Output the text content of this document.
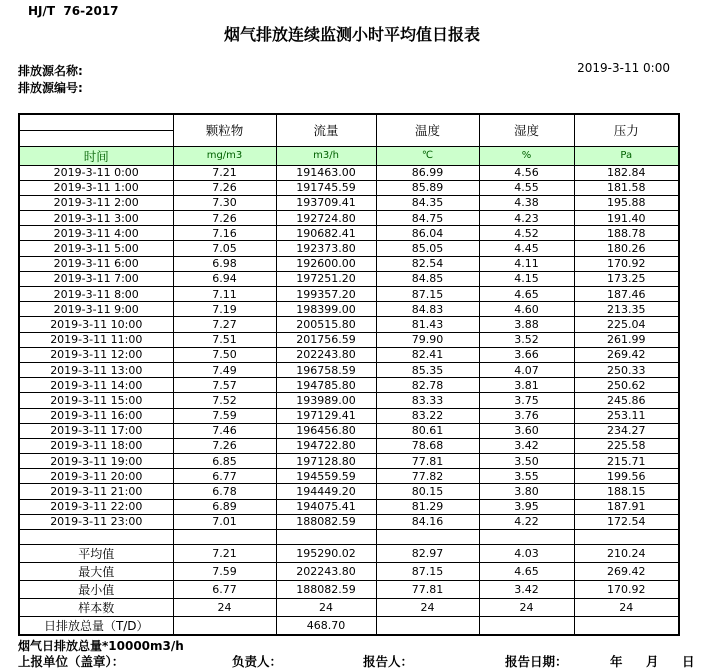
HJ/T  76-2017
烟气排放连续监测小时平均值日报表
排放源名称:
排放源编号:
2019-3-11 0:00
	颗粒物	流量	温度	湿度	压力

时间	mg/m3	m3/h	℃	%	Pa
2019-3-11 0:00	7.21	191463.00	86.99	4.56	182.84
2019-3-11 1:00	7.26	191745.59	85.89	4.55	181.58
2019-3-11 2:00	7.30	193709.41	84.35	4.38	195.88
2019-3-11 3:00	7.26	192724.80	84.75	4.23	191.40
2019-3-11 4:00	7.16	190682.41	86.04	4.52	188.78
2019-3-11 5:00	7.05	192373.80	85.05	4.45	180.26
2019-3-11 6:00	6.98	192600.00	82.54	4.11	170.92
2019-3-11 7:00	6.94	197251.20	84.85	4.15	173.25
2019-3-11 8:00	7.11	199357.20	87.15	4.65	187.46
2019-3-11 9:00	7.19	198399.00	84.83	4.60	213.35
2019-3-11 10:00	7.27	200515.80	81.43	3.88	225.04
2019-3-11 11:00	7.51	201756.59	79.90	3.52	261.99
2019-3-11 12:00	7.50	202243.80	82.41	3.66	269.42
2019-3-11 13:00	7.49	196758.59	85.35	4.07	250.33
2019-3-11 14:00	7.57	194785.80	82.78	3.81	250.62
2019-3-11 15:00	7.52	193989.00	83.33	3.75	245.86
2019-3-11 16:00	7.59	197129.41	83.22	3.76	253.11
2019-3-11 17:00	7.46	196456.80	80.61	3.60	234.27
2019-3-11 18:00	7.26	194722.80	78.68	3.42	225.58
2019-3-11 19:00	6.85	197128.80	77.81	3.50	215.71
2019-3-11 20:00	6.77	194559.59	77.82	3.55	199.56
2019-3-11 21:00	6.78	194449.20	80.15	3.80	188.15
2019-3-11 22:00	6.89	194075.41	81.29	3.95	187.91
2019-3-11 23:00	7.01	188082.59	84.16	4.22	172.54

平均值	7.21	195290.02	82.97	4.03	210.24
最大值	7.59	202243.80	87.15	4.65	269.42
最小值	6.77	188082.59	77.81	3.42	170.92
样本数	24	24	24	24	24
日排放总量（T/D）		468.70			
烟气日排放总量*10000m3/h
上报单位（盖章）：	负责人：	报告人：	报告日期：	年 月 日
